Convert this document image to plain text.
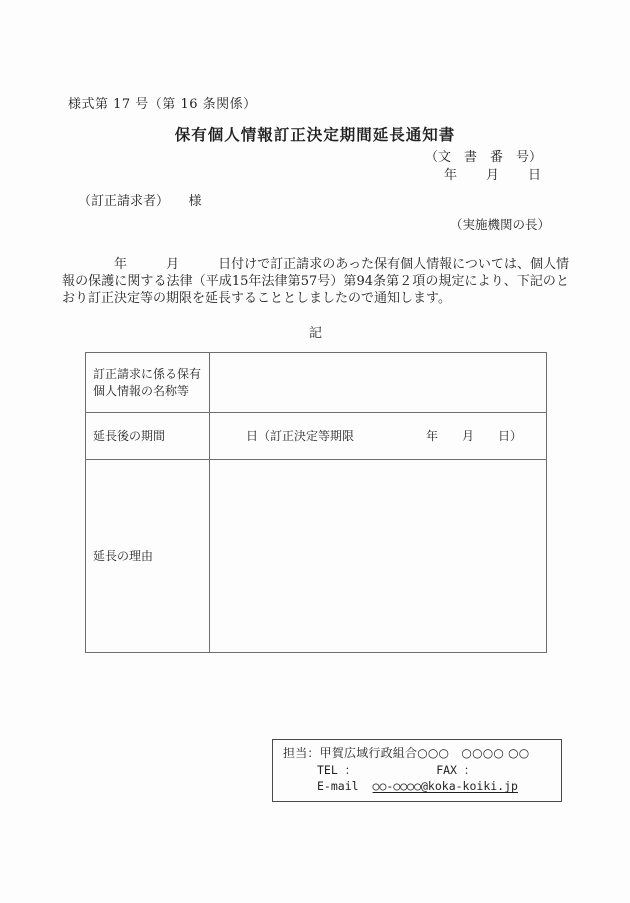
様式第 17 号（第 16 条関係）
保有個人情報訂正決定期間延長通知書
（文　書　番　号）
年　　月　　日
（訂正請求者）　　様
（実施機関の長）
　　　　年　　　月　　　日付けで訂正請求のあった保有個人情報については、個人情報の保護に関する法律（平成15年法律第57号）第94条第２項の規定により、下記のとおり訂正決定等の期限を延長することとしましたので通知します。
記
訂正請求に係る保有個人情報の名称等	
延長後の期間	日（訂正決定等期限　　　　　　年　　月　　日）
延長の理由	
担当：甲賀広域行政組合○○○　○○○○ ○○
TEL ：	FAX ：
E-mail ○○-○○○○@koka-koiki.jp
